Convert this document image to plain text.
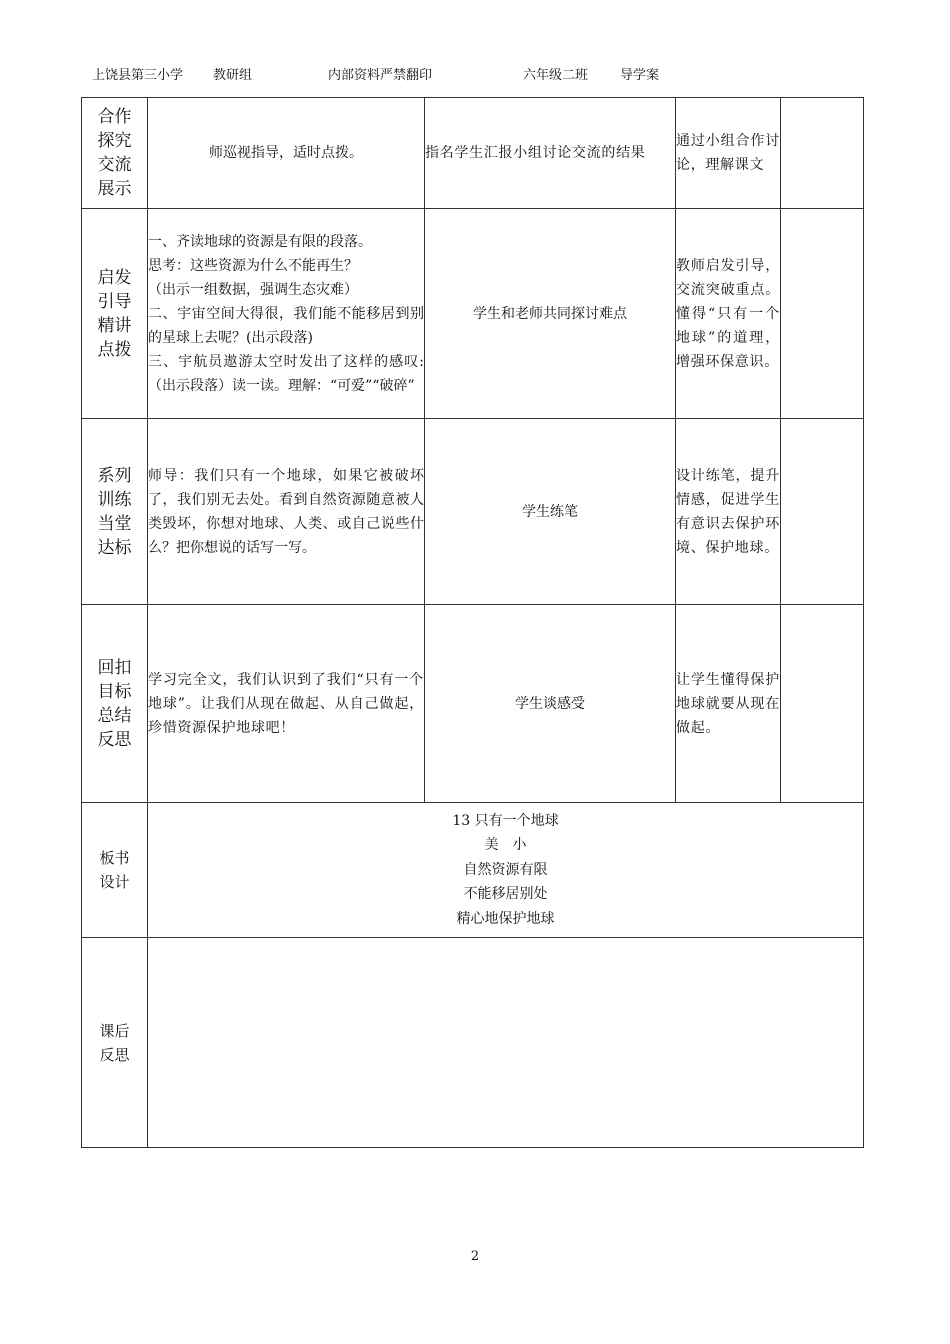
上饶县第三小学 教研组	内部资料严禁翻印	六年级二班 导学案
合作
探究
交流
展示	师巡视指导，适时点拨。	指名学生汇报小组讨论交流的结果	通过小组合作讨论，理解课文	

启发
引导
精讲
点拨	一、齐读地球的资源是有限的段落。
思考：这些资源为什么不能再生？
（出示一组数据，强调生态灾难）
二、宇宙空间大得很，我们能不能移居到别的星球上去呢？(出示段落)
三、宇航员遨游太空时发出了这样的感叹:（出示段落）读一读。理解：“可爱”“破碎”	学生和老师共同探讨难点	教师启发引导，交流突破重点。懂得“只有一个地球”的道理，增强环保意识。	

系列
训练
当堂
达标	师导：我们只有一个地球，如果它被破坏了，我们别无去处。看到自然资源随意被人类毁坏，你想对地球、人类、或自己说些什么？把你想说的话写一写。	学生练笔	设计练笔，提升情感，促进学生有意识去保护环境、保护地球。	

回扣
目标
总结
反思	学习完全文，我们认识到了我们“只有一个地球”。让我们从现在做起、从自己做起，珍惜资源保护地球吧！	学生谈感受	让学生懂得保护地球就要从现在做起。	

板书
设计	13 只有一个地球
美　小
自然资源有限
不能移居别处
精心地保护地球			

课后
反思				

2
